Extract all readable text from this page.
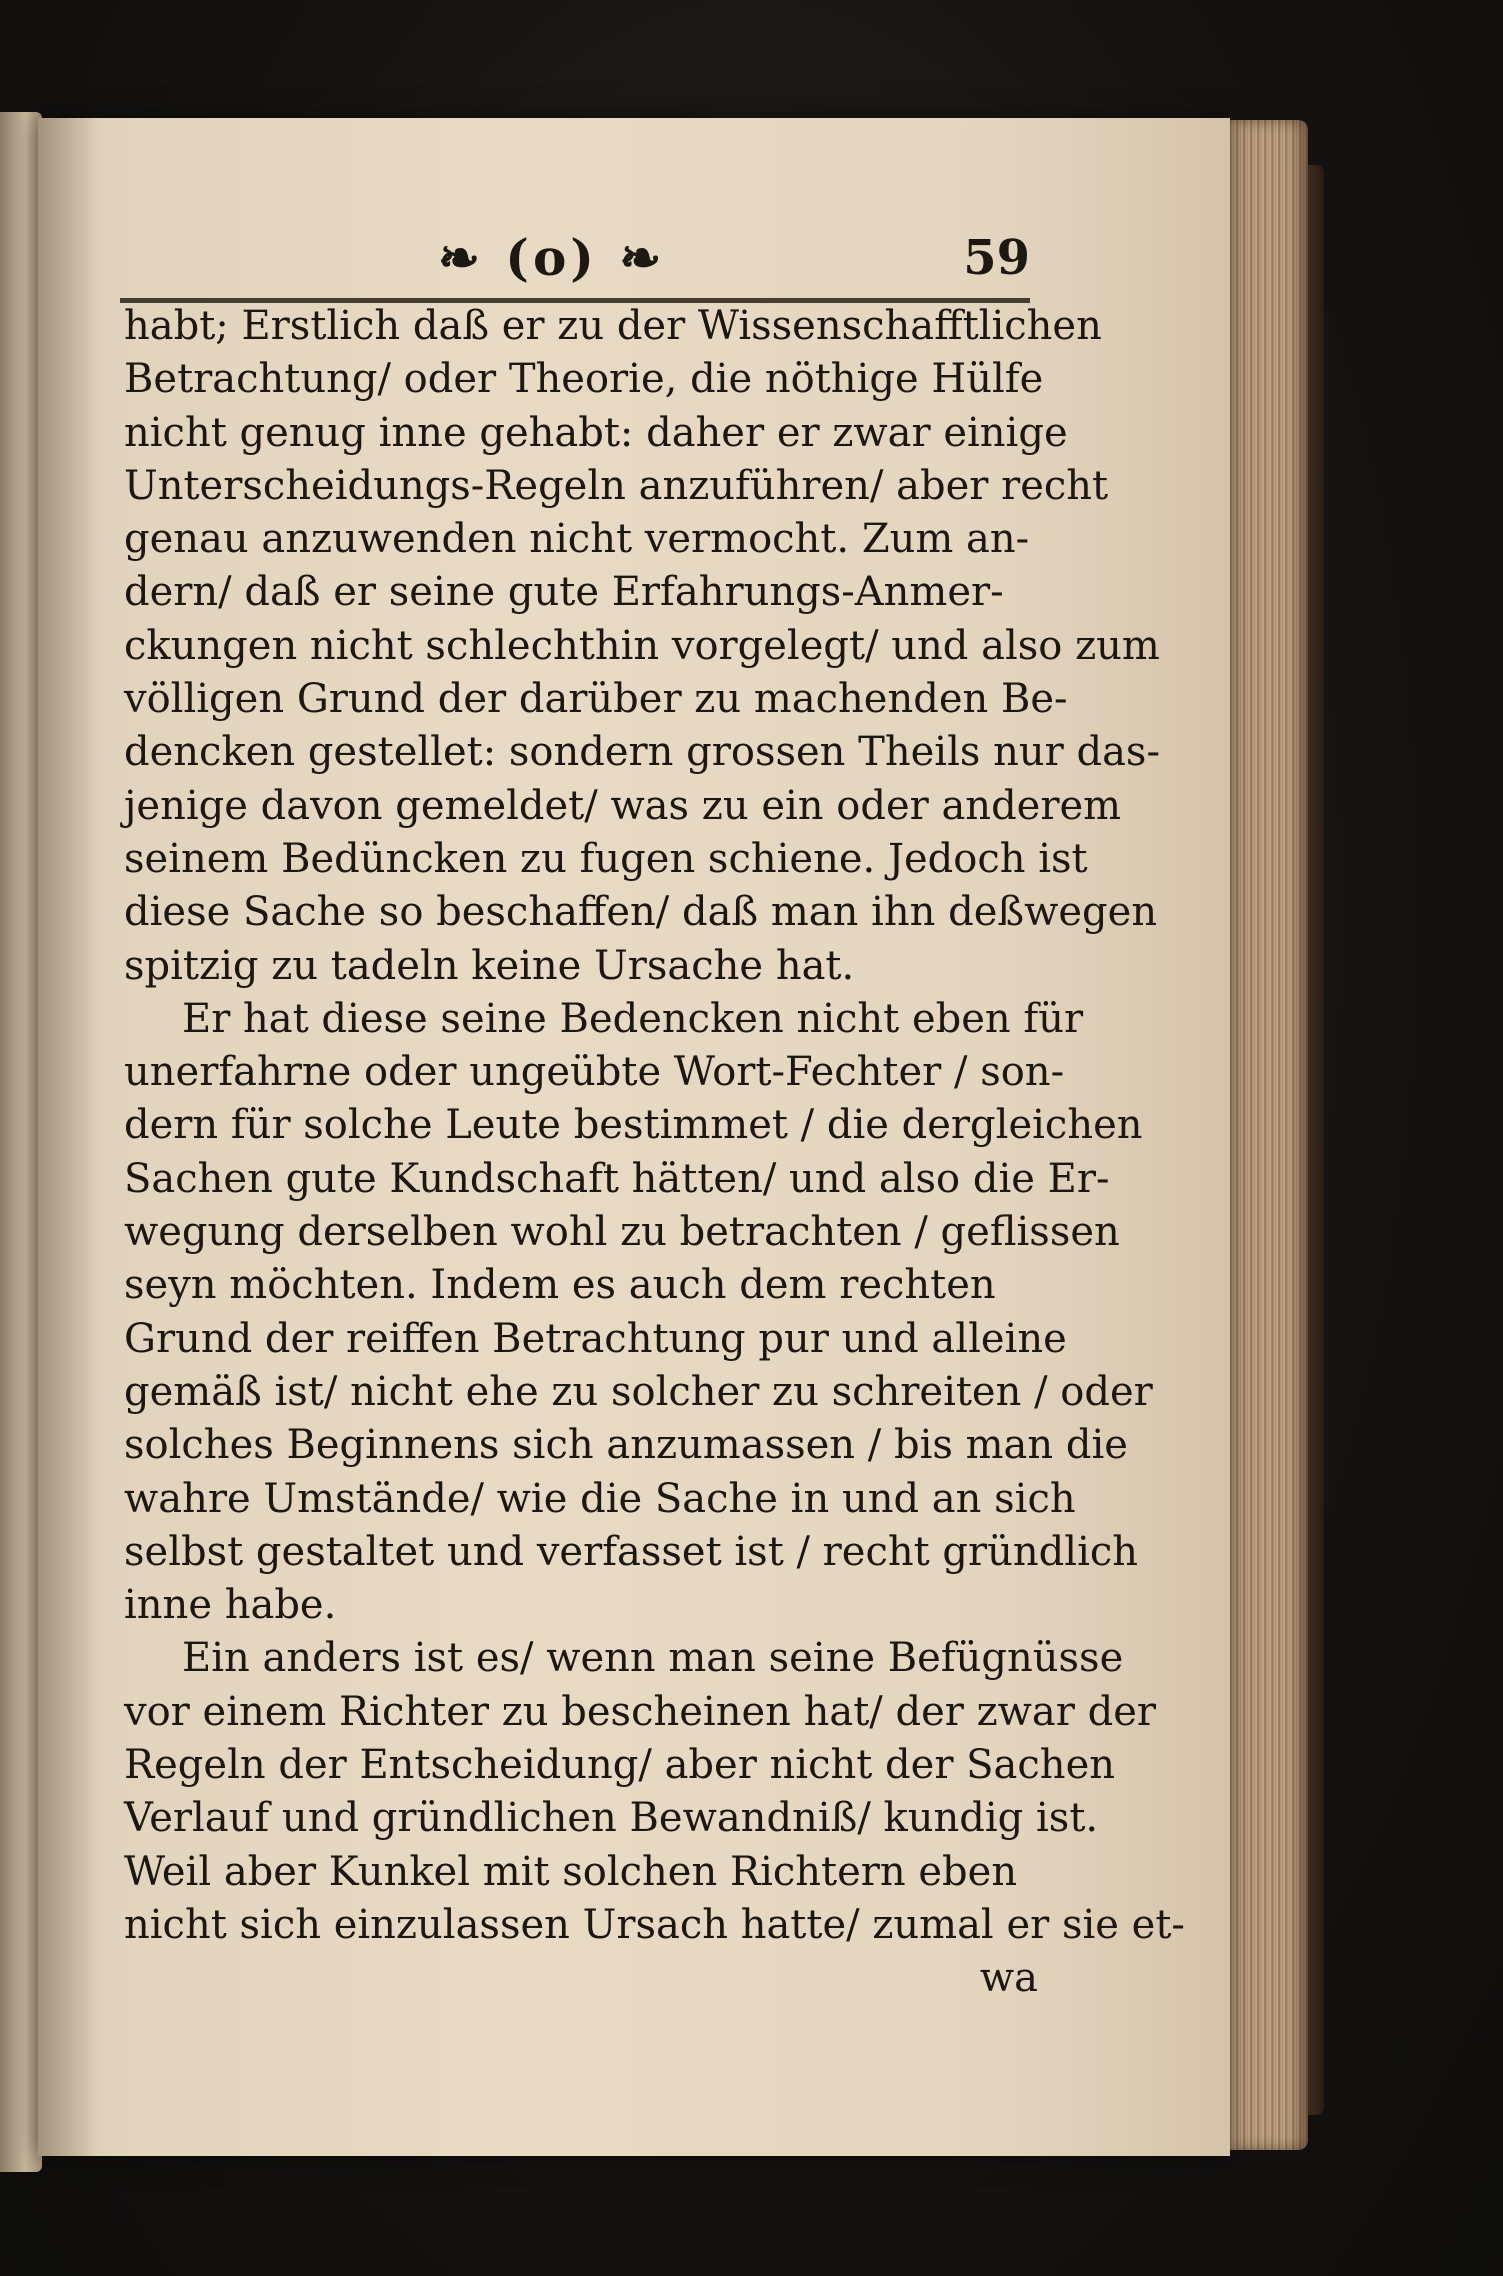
❧ (o) ❧	59
habt; Erstlich daß er zu der Wissenschafftlichen
Betrachtung/ oder Theorie, die nöthige Hülfe
nicht genug inne gehabt: daher er zwar einige
Unterscheidungs-Regeln anzuführen/ aber recht
genau anzuwenden nicht vermocht. Zum an-
dern/ daß er seine gute Erfahrungs-Anmer-
ckungen nicht schlechthin vorgelegt/ und also zum
völligen Grund der darüber zu machenden Be-
dencken gestellet: sondern grossen Theils nur das-
jenige davon gemeldet/ was zu ein oder anderem
seinem Bedüncken zu fugen schiene. Jedoch ist
diese Sache so beschaffen/ daß man ihn deßwegen
spitzig zu tadeln keine Ursache hat.
Er hat diese seine Bedencken nicht eben für
unerfahrne oder ungeübte Wort-Fechter / son-
dern für solche Leute bestimmet / die dergleichen
Sachen gute Kundschaft hätten/ und also die Er-
wegung derselben wohl zu betrachten / geflissen
seyn möchten. Indem es auch dem rechten
Grund der reiffen Betrachtung pur und alleine
gemäß ist/ nicht ehe zu solcher zu schreiten / oder
solches Beginnens sich anzumassen / bis man die
wahre Umstände/ wie die Sache in und an sich
selbst gestaltet und verfasset ist / recht gründlich
inne habe.
Ein anders ist es/ wenn man seine Befügnüsse
vor einem Richter zu bescheinen hat/ der zwar der
Regeln der Entscheidung/ aber nicht der Sachen
Verlauf und gründlichen Bewandniß/ kundig ist.
Weil aber Kunkel mit solchen Richtern eben
nicht sich einzulassen Ursach hatte/ zumal er sie et-
wa
